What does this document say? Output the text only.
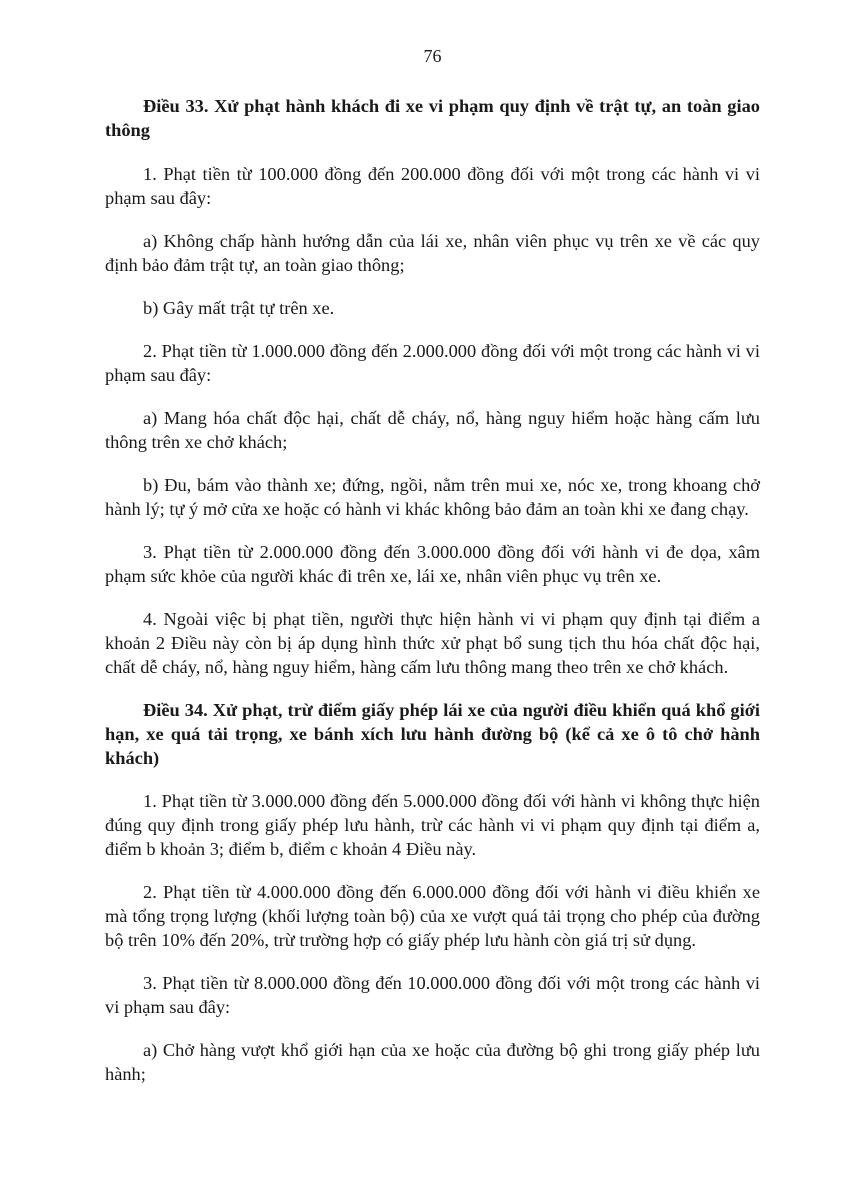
76

Điều 33. Xử phạt hành khách đi xe vi phạm quy định về trật tự, an toàn giao thông

1. Phạt tiền từ 100.000 đồng đến 200.000 đồng đối với một trong các hành vi vi phạm sau đây:

a) Không chấp hành hướng dẫn của lái xe, nhân viên phục vụ trên xe về các quy định bảo đảm trật tự, an toàn giao thông;

b) Gây mất trật tự trên xe.

2. Phạt tiền từ 1.000.000 đồng đến 2.000.000 đồng đối với một trong các hành vi vi phạm sau đây:

a) Mang hóa chất độc hại, chất dễ cháy, nổ, hàng nguy hiểm hoặc hàng cấm lưu thông trên xe chở khách;

b) Đu, bám vào thành xe; đứng, ngồi, nằm trên mui xe, nóc xe, trong khoang chở hành lý; tự ý mở cửa xe hoặc có hành vi khác không bảo đảm an toàn khi xe đang chạy.

3. Phạt tiền từ 2.000.000 đồng đến 3.000.000 đồng đối với hành vi đe dọa, xâm phạm sức khỏe của người khác đi trên xe, lái xe, nhân viên phục vụ trên xe.

4. Ngoài việc bị phạt tiền, người thực hiện hành vi vi phạm quy định tại điểm a khoản 2 Điều này còn bị áp dụng hình thức xử phạt bổ sung tịch thu hóa chất độc hại, chất dễ cháy, nổ, hàng nguy hiểm, hàng cấm lưu thông mang theo trên xe chở khách.

Điều 34. Xử phạt, trừ điểm giấy phép lái xe của người điều khiển quá khổ giới hạn, xe quá tải trọng, xe bánh xích lưu hành đường bộ (kể cả xe ô tô chở hành khách)

1. Phạt tiền từ 3.000.000 đồng đến 5.000.000 đồng đối với hành vi không thực hiện đúng quy định trong giấy phép lưu hành, trừ các hành vi vi phạm quy định tại điểm a, điểm b khoản 3; điểm b, điểm c khoản 4 Điều này.

2. Phạt tiền từ 4.000.000 đồng đến 6.000.000 đồng đối với hành vi điều khiển xe mà tổng trọng lượng (khối lượng toàn bộ) của xe vượt quá tải trọng cho phép của đường bộ trên 10% đến 20%, trừ trường hợp có giấy phép lưu hành còn giá trị sử dụng.

3. Phạt tiền từ 8.000.000 đồng đến 10.000.000 đồng đối với một trong các hành vi vi phạm sau đây:

a) Chở hàng vượt khổ giới hạn của xe hoặc của đường bộ ghi trong giấy phép lưu hành;
